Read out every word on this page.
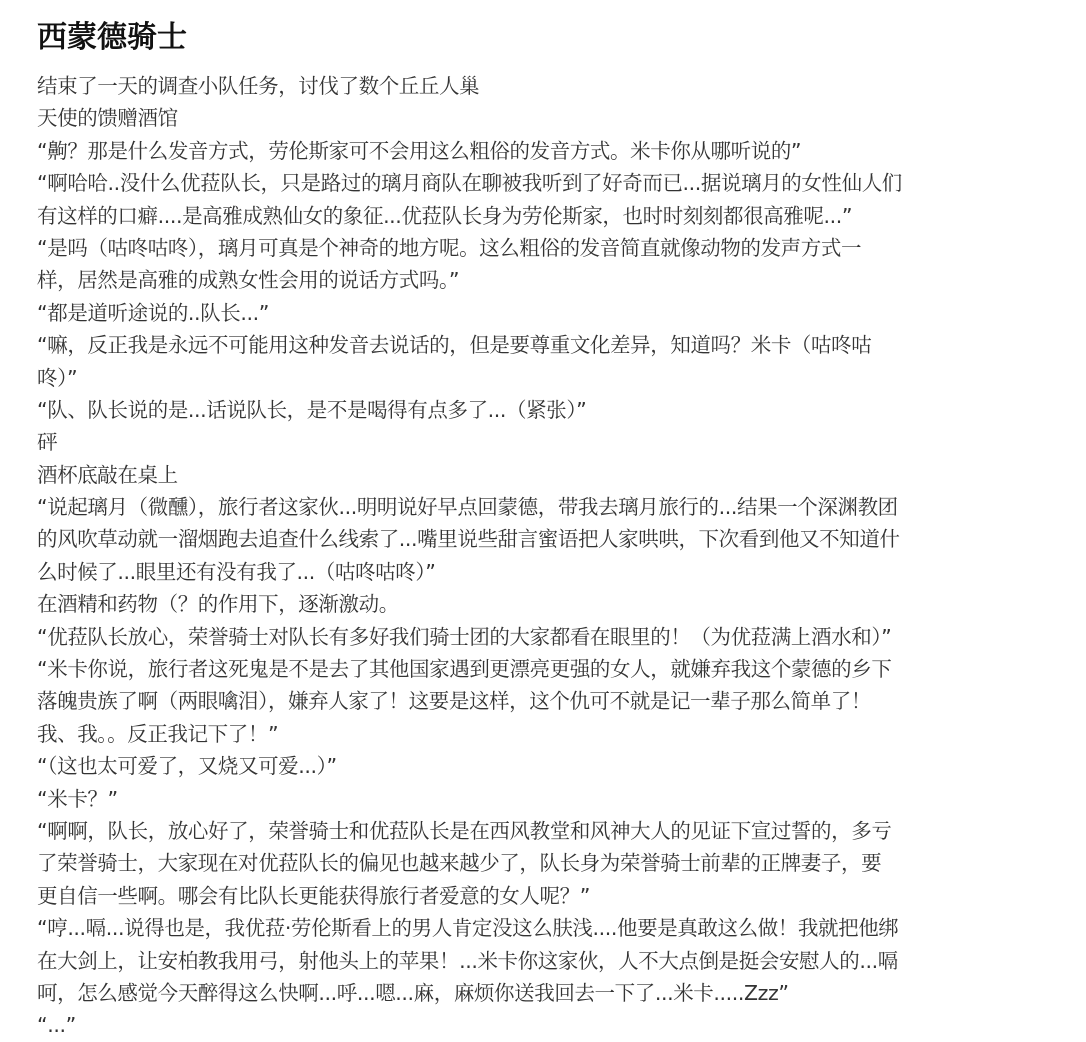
西蒙德骑士
结束了一天的调查小队任务，讨伐了数个丘丘人巢
天使的馈赠酒馆
“齁？那是什么发音方式，劳伦斯家可不会用这么粗俗的发音方式。米卡你从哪听说的”
“啊哈哈..没什么优菈队长，只是路过的璃月商队在聊被我听到了好奇而已...据说璃月的女性仙人们
有这样的口癖....是高雅成熟仙女的象征...优菈队长身为劳伦斯家，也时时刻刻都很高雅呢...”
“是吗（咕咚咕咚），璃月可真是个神奇的地方呢。这么粗俗的发音简直就像动物的发声方式一
样，居然是高雅的成熟女性会用的说话方式吗。”
“都是道听途说的..队长...”
“嘛，反正我是永远不可能用这种发音去说话的，但是要尊重文化差异，知道吗？米卡（咕咚咕
咚）”
“队、队长说的是...话说队长，是不是喝得有点多了...（紧张）”
砰
酒杯底敲在桌上
“说起璃月（微醺），旅行者这家伙...明明说好早点回蒙德，带我去璃月旅行的...结果一个深渊教团
的风吹草动就一溜烟跑去追查什么线索了...嘴里说些甜言蜜语把人家哄哄，下次看到他又不知道什
么时候了...眼里还有没有我了...（咕咚咕咚）”
在酒精和药物（？的作用下，逐渐激动。
“优菈队长放心，荣誉骑士对队长有多好我们骑士团的大家都看在眼里的！（为优菈满上酒水和）”
“米卡你说，旅行者这死鬼是不是去了其他国家遇到更漂亮更强的女人，就嫌弃我这个蒙德的乡下
落魄贵族了啊（两眼噙泪），嫌弃人家了！这要是这样，这个仇可不就是记一辈子那么简单了！
我、我。。反正我记下了！”
“（这也太可爱了，又烧又可爱...）”
“米卡？”
“啊啊，队长，放心好了，荣誉骑士和优菈队长是在西风教堂和风神大人的见证下宣过誓的，多亏
了荣誉骑士，大家现在对优菈队长的偏见也越来越少了，队长身为荣誉骑士前辈的正牌妻子，要
更自信一些啊。哪会有比队长更能获得旅行者爱意的女人呢？”
“哼...嗝...说得也是，我优菈·劳伦斯看上的男人肯定没这么肤浅....他要是真敢这么做！我就把他绑
在大剑上，让安柏教我用弓，射他头上的苹果！...米卡你这家伙，人不大点倒是挺会安慰人的...嗝
呵，怎么感觉今天醉得这么快啊...呼...嗯...麻，麻烦你送我回去一下了...米卡.....Zzz”
“...”
